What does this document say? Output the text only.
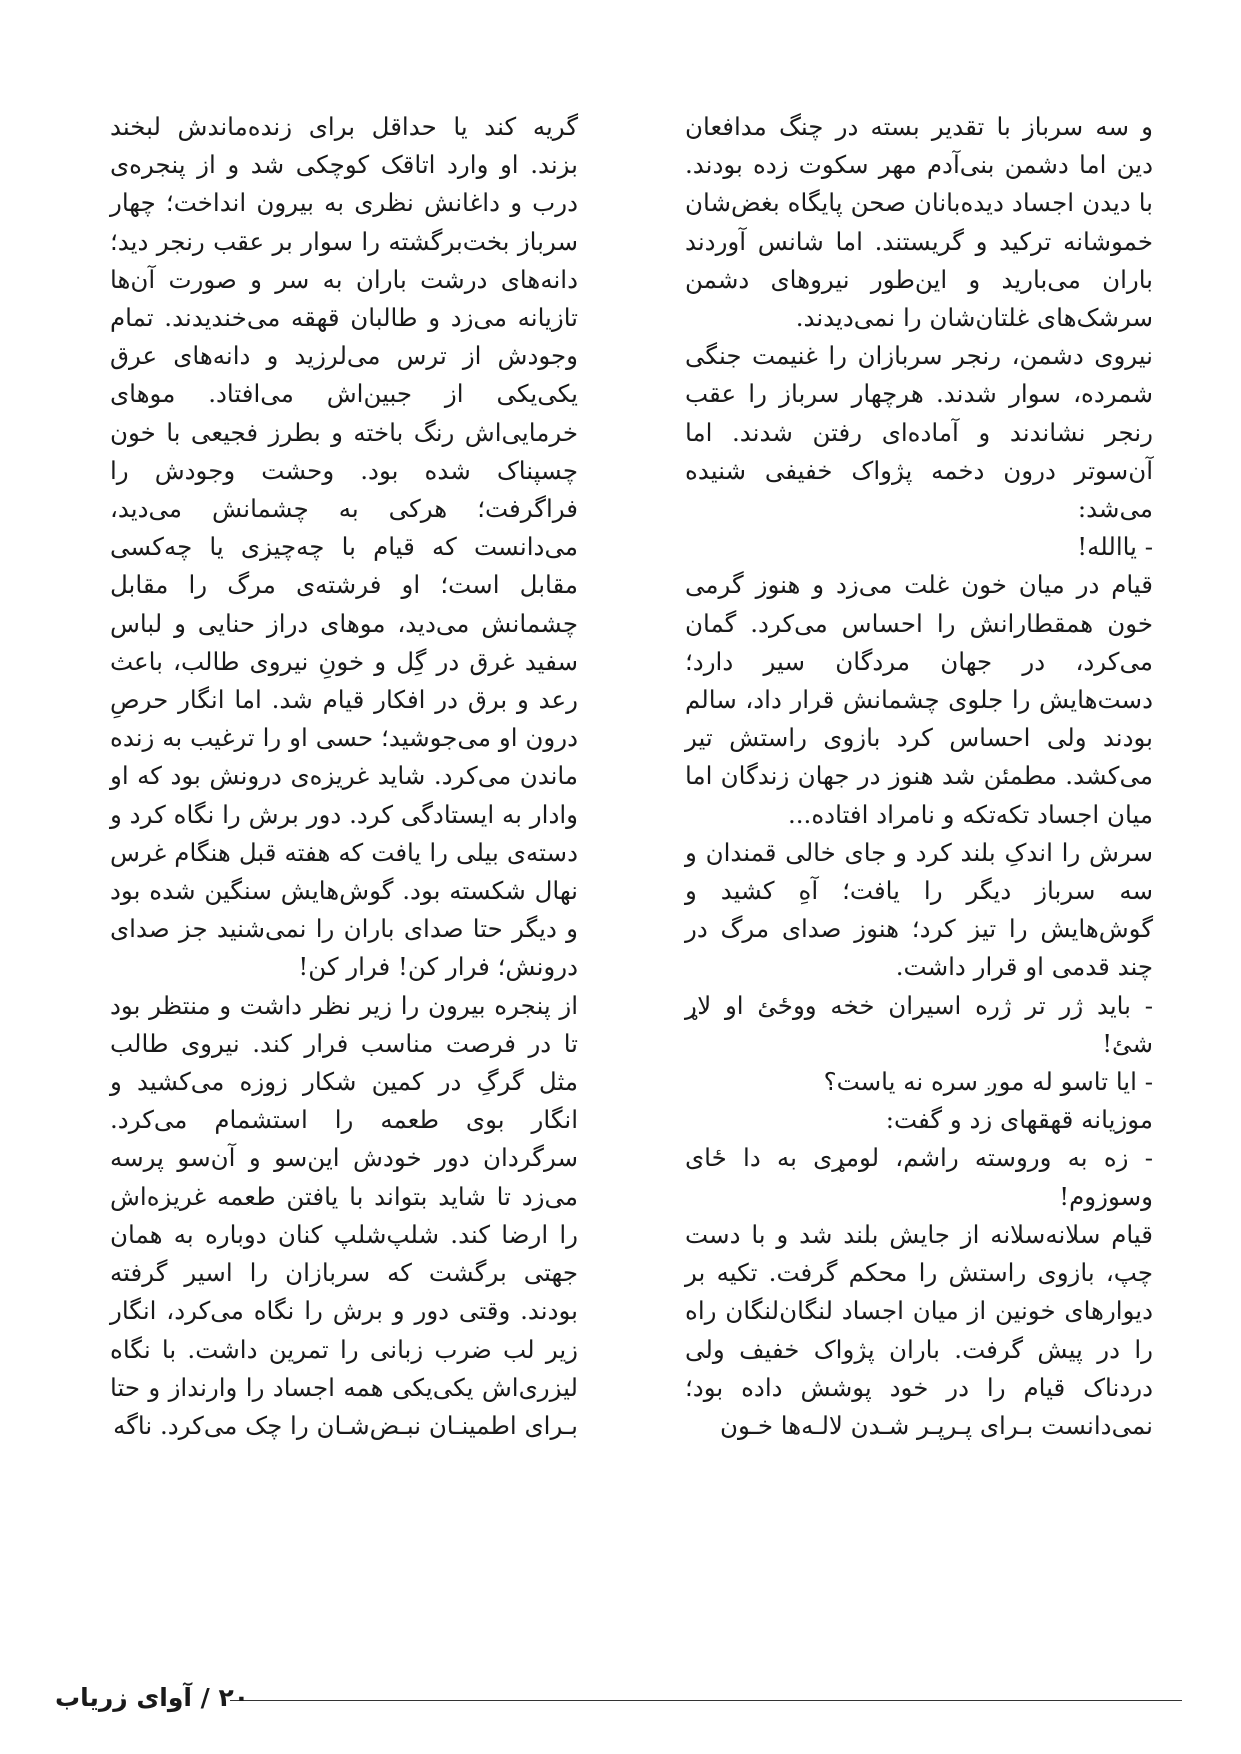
و سه سرباز با تقدیر بسته در چنگ مدافعان دین اما دشمن بنی‌آدم مهر سکوت زده بودند. با دیدن اجساد دیده‌بانان صحن پایگاه بغض‌شان خموشانه ترکید و گریستند. اما شانس آوردند باران می‌بارید و این‌طور نیروهای دشمن سرشک‌های غلتان‌شان را نمی‌دیدند.

نیروی دشمن، رنجر سربازان را غنیمت جنگی شمرده، سوار شدند. هرچهار سرباز را عقب رنجر نشاندند و آماده‌ای رفتن شدند. اما آن‌سوتر درون دخمه پژواک خفیفی شنیده می‌شد:

- یاالله!

قیام در میان خون غلت می‌زد و هنوز گرمی خون همقطارانش را احساس می‌کرد. گمان می‌کرد، در جهان مردگان سیر دارد؛ دست‌هایش را جلوی چشمانش قرار داد، سالم بودند ولی احساس کرد بازوی راستش تیر می‌کشد. مطمئن شد هنوز در جهان زندگان اما میان اجساد تکه‌تکه و نامراد افتاده...

سرش را اندکِ بلند کرد و جای خالی قمندان و سه سرباز دیگر را یافت؛ آهِ کشید و گوش‌هایش را تیز کرد؛ هنوز صدای مرگ در چند قدمی او قرار داشت.

- باید ژر تر ژره اسیران خخه ووځئ او لاړ شئ!

- ایا تاسو له موږ سره نه یاست؟

موزیانه قهقهای زد و گفت:

- زه به وروسته راشم، لومړی به دا ځای وسوزوم!

قیام سلانه‌سلانه از جایش بلند شد و با دست چپ، بازوی راستش را محکم گرفت. تکیه بر دیوارهای خونین از میان اجساد لنگان‌لنگان راه را در پیش گرفت. باران پژواک خفیف ولی دردناک قیام را در خود پوشش داده بود؛ نمی‌دانست بـرای پـرپـر شـدن لالـه‌ها خـون

گریه کند یا حداقل برای زنده‌ماندش لبخند بزند. او وارد اتاقک کوچکی شد و از پنجره‌ی درب و داغانش نظری به بیرون انداخت؛ چهار سرباز بخت‌برگشته را سوار بر عقب رنجر دید؛ دانه‌های درشت باران به سر و صورت آن‌ها تازیانه می‌زد و طالبان قهقه می‌خندیدند. تمام وجودش از ترس می‌لرزید و دانه‌های عرق یکی‌یکی از جبین‌اش می‌افتاد. موهای خرمایی‌اش رنگ باخته و بطرز فجیعی با خون چسپناک شده بود. وحشت وجودش را فراگرفت؛ هرکی به چشمانش می‌دید، می‌دانست که قیام با چه‌چیزی یا چه‌کسی مقابل است؛ او فرشته‌ی مرگ را مقابل چشمانش می‌دید، موهای دراز حنایی و لباس سفید غرق در گِل و خونِ نیروی طالب، باعث رعد و برق در افکار قیام شد. اما انگار حرصِ درون او می‌جوشید؛ حسی او را ترغیب به زنده ماندن می‌کرد. شاید غریزه‌ی درونش بود که او وادار به ایستادگی کرد. دور برش را نگاه کرد و دسته‌ی بیلی را یافت که هفته قبل هنگام غرس نهال شکسته بود. گوش‌هایش سنگین شده بود و دیگر حتا صدای باران را نمی‌شنید جز صدای درونش؛ فرار کن! فرار کن!

از پنجره بیرون را زیر نظر داشت و منتظر بود تا در فرصت مناسب فرار کند. نیروی طالب مثل گرگِ در کمین شکار زوزه می‌کشید و انگار بوی طعمه را استشمام می‌کرد. سرگردان دور خودش این‌سو و آن‌سو پرسه می‌زد تا شاید بتواند با یافتن طعمه غریزه‌اش را ارضا کند. شلپ‌شلپ کنان دوباره به همان جهتی برگشت که سربازان را اسیر گرفته بودند. وقتی دور و برش را نگاه می‌کرد، انگار زیر لب ضرب زبانی را تمرین داشت. با نگاه لیزری‌اش یکی‌یکی همه اجساد را وارنداز و حتا بـرای اطمینـان نبـض‌شـان را چک می‌کرد. ناگه

۲۰ / آوای زریاب
